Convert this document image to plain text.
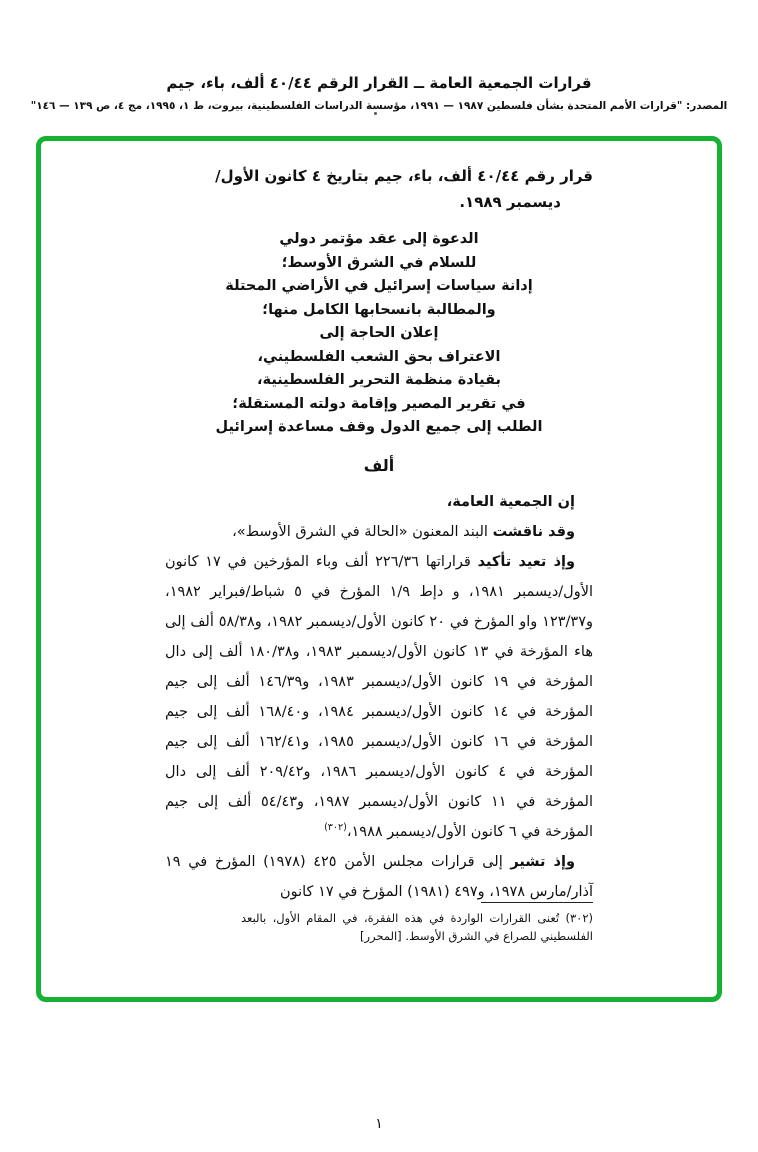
قرارات الجمعية العامة ــ القرار الرقم ٤٠/٤٤ ألف، باء، جيم
المصدر: "قرارات الأمم المتحدة بشأن فلسطين ١٩٨٧ — ١٩٩١، مؤسسة الدراسات الفلسطينية، بيروت، ط ١، ١٩٩٥، مج ٤، ص ١٣٩ — ١٤٦"
قرار رقم ٤٠/٤٤ ألف، باء، جيم بتاريخ ٤ كانون الأول/
ديسمبر ١٩٨٩.
الدعوة إلى عقد مؤتمر دولي
للسلام في الشرق الأوسط؛
إدانة سياسات إسرائيل في الأراضي المحتلة
والمطالبة بانسحابها الكامل منها؛
إعلان الحاجة إلى
الاعتراف بحق الشعب الفلسطيني،
بقيادة منظمة التحرير الفلسطينية،
في تقرير المصير وإقامة دولته المستقلة؛
الطلب إلى جميع الدول وقف مساعدة إسرائيل
ألف

إن الجمعية العامة،

وقد ناقشت البند المعنون «الحالة في الشرق الأوسط»،

وإذ تعيد تأكيد قراراتها ٢٢٦/٣٦ ألف وباء المؤرخين في ١٧ كانون الأول/ديسمبر ١٩٨١، و دإط ١/٩ المؤرخ في ٥ شباط/فبراير ١٩٨٢، و١٢٣/٣٧ واو المؤرخ في ٢٠ كانون الأول/ديسمبر ١٩٨٢، و٥٨/٣٨ ألف إلى هاء المؤرخة في ١٣ كانون الأول/ديسمبر ١٩٨٣، و١٨٠/٣٨ ألف إلى دال المؤرخة في ١٩ كانون الأول/ديسمبر ١٩٨٣، و١٤٦/٣٩ ألف إلى جيم المؤرخة في ١٤ كانون الأول/ديسمبر ١٩٨٤، و١٦٨/٤٠ ألف إلى جيم المؤرخة في ١٦ كانون الأول/ديسمبر ١٩٨٥، و١٦٢/٤١ ألف إلى جيم المؤرخة في ٤ كانون الأول/ديسمبر ١٩٨٦، و٢٠٩/٤٢ ألف إلى دال المؤرخة في ١١ كانون الأول/ديسمبر ١٩٨٧، و٥٤/٤٣ ألف إلى جيم المؤرخة في ٦ كانون الأول/ديسمبر ١٩٨٨،$^{(٣٠٢)}$

وإذ تشير إلى قرارات مجلس الأمن ٤٢٥ (١٩٧٨) المؤرخ في ١٩ آذار/مارس ١٩٧٨، و٤٩٧ (١٩٨١) المؤرخ في ١٧ كانون

(٣٠٢) تُعنى القرارات الواردة في هذه الفقرة، في المقام الأول، بالبعد الفلسطيني للصراع في الشرق الأوسط. [المحرر]

١
